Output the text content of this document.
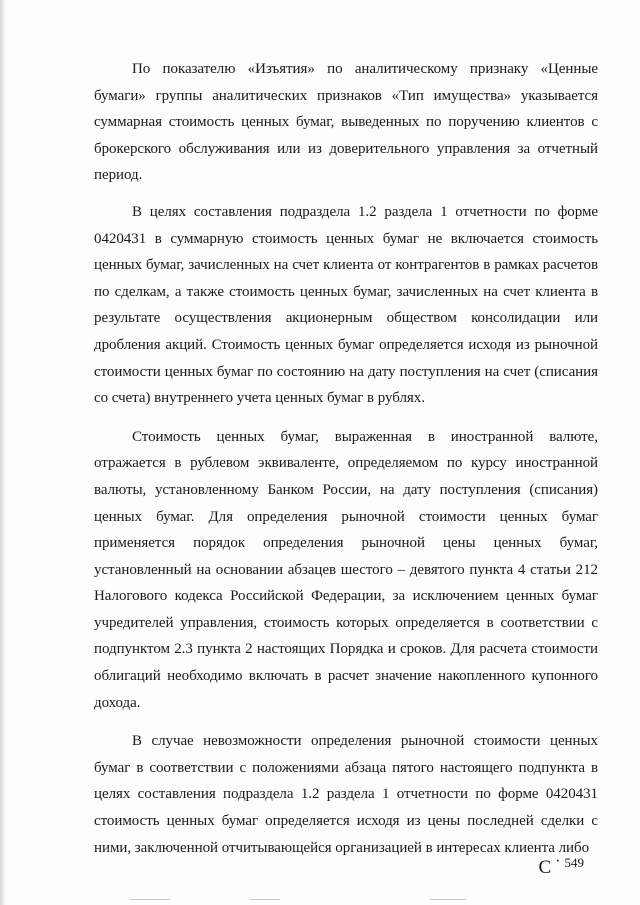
По показателю «Изъятия» по аналитическому признаку «Ценные бумаги» группы аналитических признаков «Тип имущества» указывается суммарная стоимость ценных бумаг, выведенных по поручению клиентов с брокерского обслуживания или из доверительного управления за отчетный период.

В целях составления подраздела 1.2 раздела 1 отчетности по форме 0420431 в суммарную стоимость ценных бумаг не включается стоимость ценных бумаг, зачисленных на счет клиента от контрагентов в рамках расчетов по сделкам, а также стоимость ценных бумаг, зачисленных на счет клиента в результате осуществления акционерным обществом консолидации или дробления акций. Стоимость ценных бумаг определяется исходя из рыночной стоимости ценных бумаг по состоянию на дату поступления на счет (списания со счета) внутреннего учета ценных бумаг в рублях.

Стоимость ценных бумаг, выраженная в иностранной валюте, отражается в рублевом эквиваленте, определяемом по курсу иностранной валюты, установленному Банком России, на дату поступления (списания) ценных бумаг. Для определения рыночной стоимости ценных бумаг применяется порядок определения рыночной цены ценных бумаг, установленный на основании абзацев шестого – девятого пункта 4 статьи 212 Налогового кодекса Российской Федерации, за исключением ценных бумаг учредителей управления, стоимость которых определяется в соответствии с подпунктом 2.3 пункта 2 настоящих Порядка и сроков. Для расчета стоимости облигаций необходимо включать в расчет значение накопленного купонного дохода.

В случае невозможности определения рыночной стоимости ценных бумаг в соответствии с положениями абзаца пятого настоящего подпункта в целях составления подраздела 1.2 раздела 1 отчетности по форме 0420431 стоимость ценных бумаг определяется исходя из цены последней сделки с ними, заключенной отчитывающейся организацией в интересах клиента либо

С · 549
